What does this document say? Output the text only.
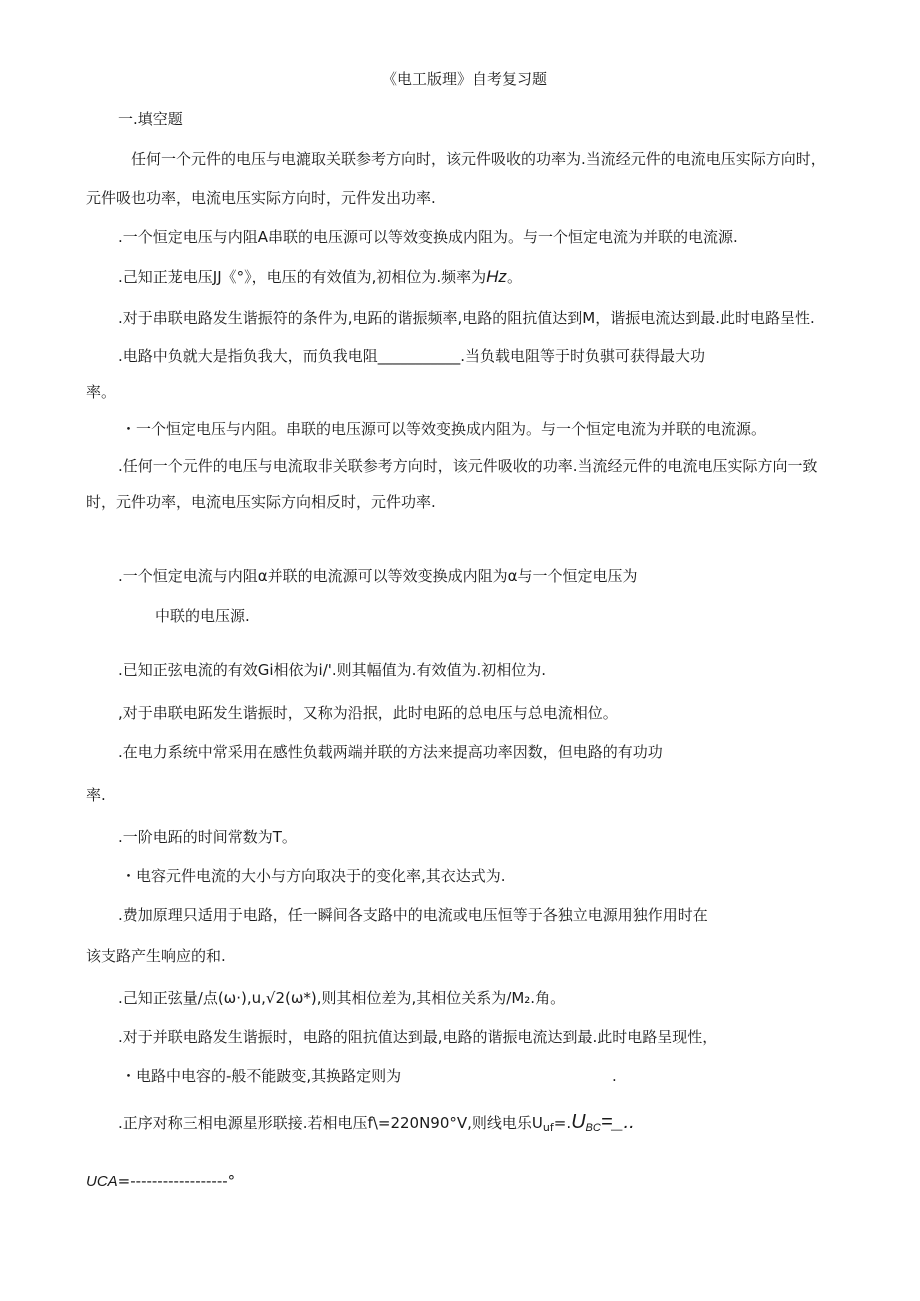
《电工版理》自考复习题
一.填空题
任何一个元件的电压与电漉取关联参考方向时，该元件吸收的功率为.当流经元件的电流电压实际方向时，
元件吸也功率，电流电压实际方向时，元件发出功率.
.一个恒定电压与内阻A串联的电压源可以等效变换成内阻为。与一个恒定电流为并联的电流源.
.己知正茏电压JJ《°》，电压的有效值为,初相位为.频率为Hz。
.对于串联电路发生谐振符的条件为,电跖的谐振频率,电路的阻抗值达到M，谐振电流达到最.此时电路呈性.
.电路中负就大是指负我大，而负我电阻___________.当负载电阻等于时负骐可获得最大功
率。
・一个恒定电压与内阻。串联的电压源可以等效变换成内阻为。与一个恒定电流为并联的电流源。
.任何一个元件的电压与电流取非关联参考方向时，该元件吸收的功率.当流经元件的电流电压实际方向一致
时，元件功率，电流电压实际方向相反时，元件功率.
.一个恒定电流与内阻α并联的电流源可以等效变换成内阻为α与一个恒定电压为
中联的电压源.
.已知正弦电流的有效Gi相依为i/'.则其幅值为.有效值为.初相位为.
,对于串联电跖发生谐振时，又称为沿抿，此时电跖的总电压与总电流相位。
.在电力系统中常采用在感性负载两端并联的方法来提高功率因数，但电路的有功功
率.
.一阶电跖的时间常数为T。
・电容元件电流的大小与方向取决于的变化率,其衣达式为.
.费加原理只适用于电路，任一瞬间各支路中的电流或电压恒等于各独立电源用独作用时在
该支路产生响应的和.
.己知正弦量/点(ω·),u,√2(ω*),则其相位差为,其相位关系为/M₂.角。
.对于并联电路发生谐振时，电路的阻抗值达到最,电路的谐振电流达到最.此时电路呈现性，
・电路中电容的-般不能跛变,其换路定则为	.
.正序对称三相电源星形联接.若相电压f\=220N90°V,则线电乐$U_{uf}=.U_{BC}=\_$..
UCA=------------------°
